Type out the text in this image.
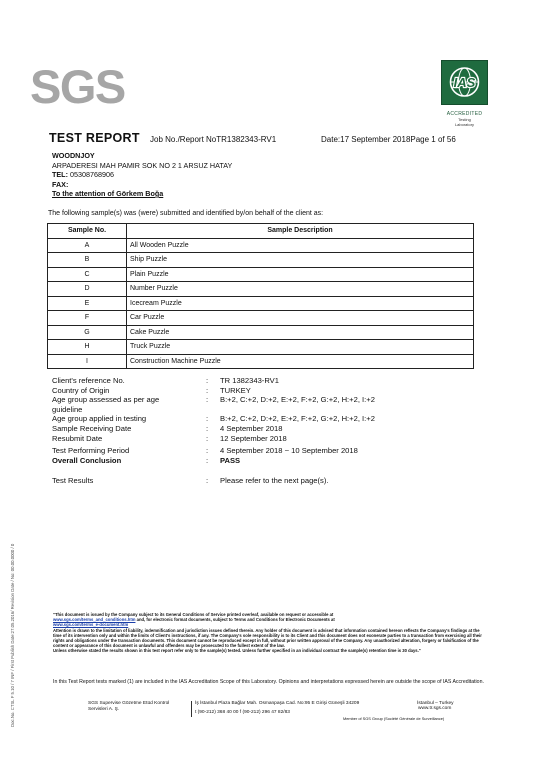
SGS	IAS
ACCREDITED
Testing
Laboratory
TEST REPORT Job No./Report NoTR1382343-RV1	Date:17 September 2018Page 1 of 56
WOODNJOY
ARPADERESI MAH PAMIR SOK NO 2 1 ARSUZ HATAY
TEL: 05308768906
FAX:
To the attention of Görkem Boğa
The following sample(s) was (were) submitted and identified by/on behalf of the client as:
Sample No.	Sample Description
A	All Wooden Puzzle
B	Ship Puzzle
C	Plain Puzzle
D	Number Puzzle
E	Icecream Puzzle
F	Car Puzzle
G	Cake Puzzle
H	Truck Puzzle
I	Construction Machine Puzzle
Client's reference No.	: TR 1382343-RV1
Country of Origin	: TURKEY
Age group assessed as per age	: B:+2, C:+2, D:+2, E:+2, F:+2, G:+2, H:+2, I:+2
guideline
Age group applied in testing	: B:+2, C:+2, D:+2, E:+2, F:+2, G:+2, H:+2, I:+2
Sample Receiving Date	: 4 September 2018
Resubmit Date	: 12 September 2018
Test Performing Period	: 4 September 2018 ~ 10 September 2018
Overall Conclusion	: PASS
Test Results	: Please refer to the next page(s).
Doc.No. CTSL F 5.10 / 7 INF / First Publish Date:27.05.2016/ Revision Date / No: 00.00.0000 / 0	"This document is issued by the Company subject to its General Conditions of Service printed overleaf, available on request or accessible at
www.sgs.com/terms_and_conditions.htm and, for electronic format documents, subject to Terms and Conditions for Electronic Documents at
www.sgs.com/terms_e-document.htm

Attention is drawn to the limitation of liability, indemnification and jurisdiction issues defined therein. Any holder of this document is advised that information contained hereon reflects the Company's findings at the time of its intervention only and within the limits of Client's instructions, if any. The Company's sole responsibility is to its Client and this document does not exonerate parties to a transaction from exercising all their rights and obligations under the transaction documents. This document cannot be reproduced except in full, without prior written approval of the Company. Any unauthorized alteration, forgery or falsification of the content or appearance of this document is unlawful and offenders may be prosecuted to the fullest extent of the law.

Unless otherwise stated the results shown in this test report refer only to the sample(s) tested. Unless further specified in an individual contract the sample(s) retention time is 30 days."

In this Test Report tests marked (1) are included in the IAS Accreditation Scope of this Laboratory. Opinions and interpretations expressed herein are outside the scope of IAS Accreditation.
SGS Supervise Gözetme Etüd Kontrol Servisleri A. Ş.
İş İstanbul Plaza Bağlar Mah. Osmanpaşa Cad. No:95 E Girişi Güneşli 34209
t (90-212) 368 40 00 f (90-212) 296 47 82/83
İstanbul – Turkey
www.tr.sgs.com
Member of SGS Group (Société Générale de Surveillance)
